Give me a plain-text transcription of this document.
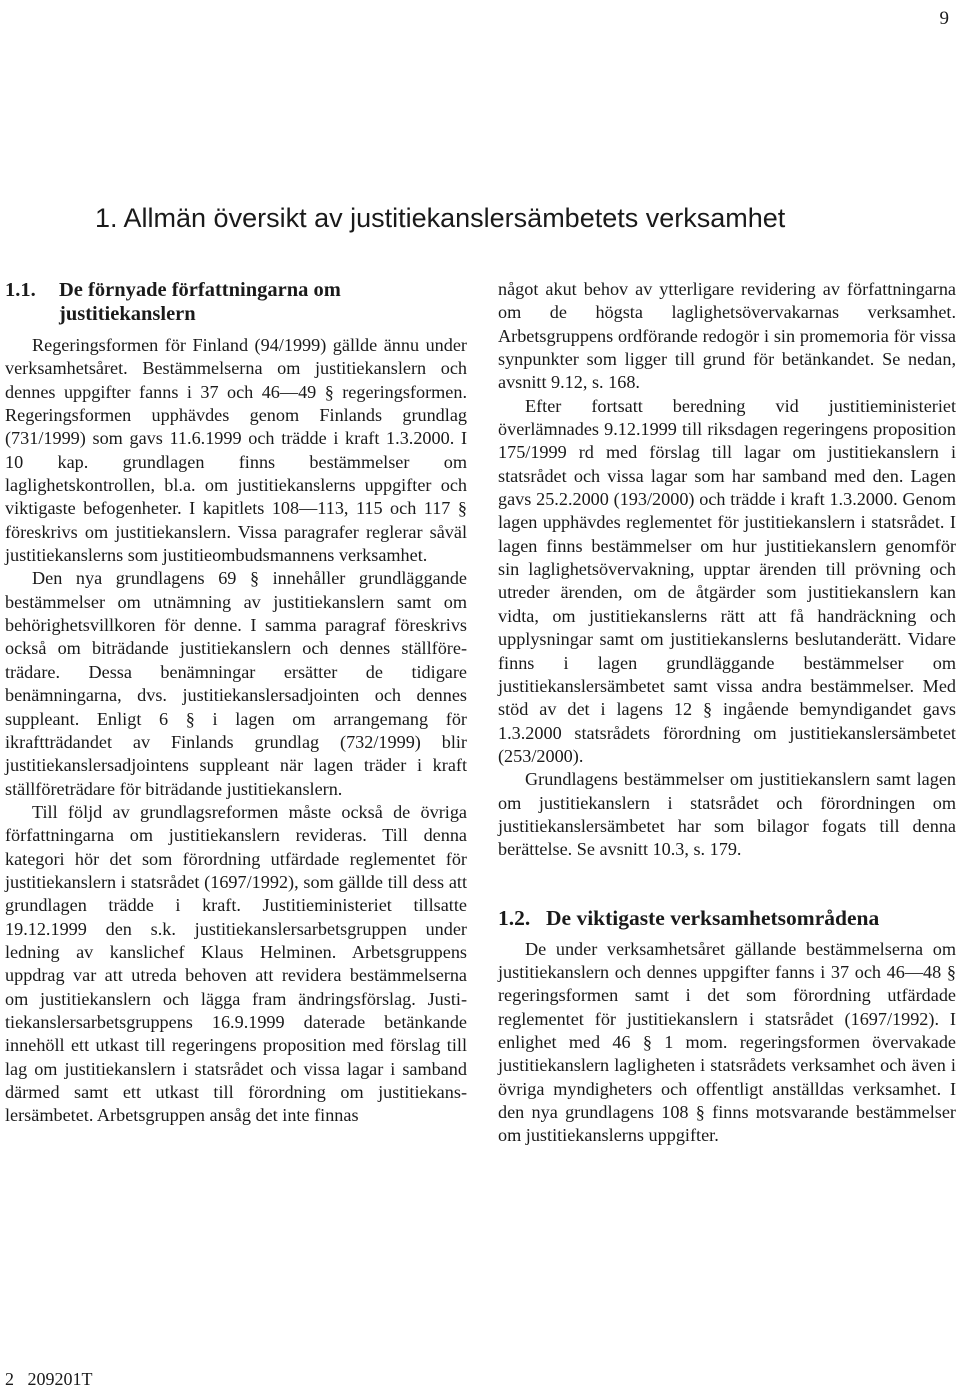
9
1. Allmän översikt av justitiekanslersämbetets verksamhet
1.1.	De förnyade författningarna om justitiekanslern

Regeringsformen för Finland (94/1999) gällde ännu under verksamhetsåret. Bestämmelserna om justitiekanslern och dennes uppgifter fanns i 37 och 46—49 § regeringsformen. Regeringsformen upphävdes genom Finlands grundlag (731/1999) som gavs 11.6.1999 och trädde i kraft 1.3.2000. I 10 kap. grundlagen finns bestämmelser om laglighetskontrollen, bl.a. om justitiekanslerns uppgifter och viktigaste befogenheter. I kapitlets 108—113, 115 och 117 § föreskrivs om justitiekanslern. Vissa paragrafer reglerar såväl justitiekanslerns som justitieombudsmannens verksamhet.

Den nya grundlagens 69 § innehåller grundläggande bestämmelser om utnämning av justitiekanslern samt om behörighetsvillkoren för denne. I samma paragraf föreskrivs också om biträdande justitiekanslern och dennes ställföreträdare. Dessa benämningar ersätter de tidigare benämningarna, dvs. justitiekanslersadjointen och dennes suppleant. Enligt 6 § i lagen om arrangemang för ikraftträdandet av Finlands grundlag (732/1999) blir justitiekanslersadjointens suppleant när lagen träder i kraft ställföreträdare för biträdande justitiekanslern.

Till följd av grundlagsreformen måste också de övriga författningarna om justitiekanslern revideras. Till denna kategori hör det som förordning utfärdade reglementet för justitiekanslern i statsrådet (1697/1992), som gällde till dess att grundlagen trädde i kraft. Justitieministeriet tillsatte 19.12.1999 den s.k. justitiekanslersarbetsgruppen under ledning av kanslichef Klaus Helminen. Arbetsgruppens uppdrag var att utreda behoven att revidera bestämmelserna om justitiekanslern och lägga fram ändringsförslag. Justitiekanslersarbetsgruppens 16.9.1999 daterade betänkande innehöll ett utkast till regeringens proposition med förslag till lag om justitiekanslern i statsrådet och vissa lagar i samband därmed samt ett utkast till förordning om justitiekanslersämbetet. Arbetsgruppen ansåg det inte finnas

något akut behov av ytterligare revidering av författningarna om de högsta laglighetsövervakarnas verksamhet. Arbetsgruppens ordförande redogör i sin promemoria för vissa synpunkter som ligger till grund för betänkandet. Se nedan, avsnitt 9.12, s. 168.

Efter fortsatt beredning vid justitieministeriet överlämnades 9.12.1999 till riksdagen regeringens proposition 175/1999 rd med förslag till lagar om justitiekanslern i statsrådet och vissa lagar som har samband med den. Lagen gavs 25.2.2000 (193/2000) och trädde i kraft 1.3.2000. Genom lagen upphävdes reglementet för justitiekanslern i statsrådet. I lagen finns bestämmelser om hur justitiekanslern genomför sin laglighetsövervakning, upptar ärenden till prövning och utreder ärenden, om de åtgärder som justitiekanslern kan vidta, om justitiekanslerns rätt att få handräckning och upplysningar samt om justitiekanslerns beslutanderätt. Vidare finns i lagen grundläggande bestämmelser om justitiekanslersämbetet samt vissa andra bestämmelser. Med stöd av det i lagens 12 § ingående bemyndigandet gavs 1.3.2000 statsrådets förordning om justitiekanslersämbetet (253/2000).

Grundlagens bestämmelser om justitiekanslern samt lagen om justitiekanslern i statsrådet och förordningen om justitiekanslersämbetet har som bilagor fogats till denna berättelse. Se avsnitt 10.3, s. 179.

1.2. De viktigaste verksamhetsområdena

De under verksamhetsåret gällande bestämmelserna om justitiekanslern och dennes uppgifter fanns i 37 och 46—48 § regeringsformen samt i det som förordning utfärdade reglementet för justitiekanslern i statsrådet (1697/1992). I enlighet med 46 § 1 mom. regeringsformen övervakade justitiekanslern lagligheten i statsrådets verksamhet och även i övriga myndigheters och offentligt anställdas verksamhet. I den nya grundlagens 108 § finns motsvarande bestämmelser om justitiekanslerns uppgifter.

2   209201T
